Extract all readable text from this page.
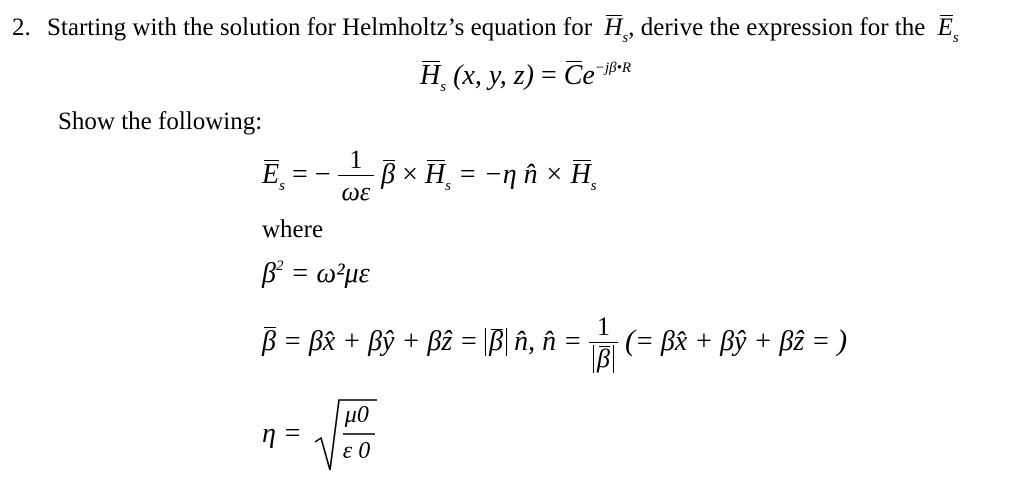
2. Starting with the solution for Helmholtz’s equation for $H_s$, derive the expression for the $E_s$
$H_s$ (x, y, $z) = Ce^{-j\beta•R}$
Show the following:
$E_s$ = − $\frac{1}{\omega\varepsilon}$ $\beta \times H_s = -\eta$ n̂ × $H_s$
where
$\beta^2 = \omega^2\mu\varepsilon$
β = βx̂ + βŷ + βẑ = β n̂, n̂ = $\frac{1}{\beta}$ (= βx̂ + βŷ + βẑ = )
η =
μ0
ε 0
